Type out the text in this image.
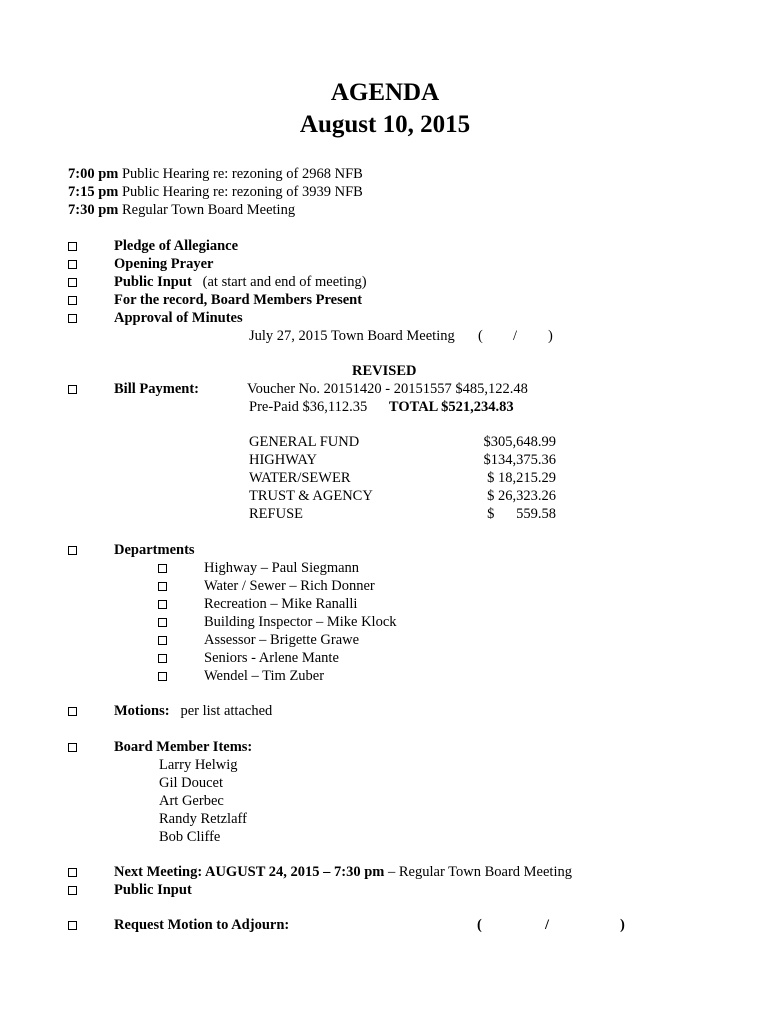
AGENDA
August 10, 2015
7:00 pm Public Hearing re: rezoning of 2968 NFB
7:15 pm Public Hearing re: rezoning of 3939 NFB
7:30 pm Regular Town Board Meeting
Pledge of Allegiance
Opening Prayer
Public Input (at start and end of meeting)
For the record, Board Members Present
Approval of Minutes
July 27, 2015 Town Board Meeting ( / )
REVISED
Bill Payment:	Voucher No. 20151420 - 20151557 $485,122.48
Pre-Paid $36,112.35 TOTAL $521,234.83
GENERAL FUND	$305,648.99
HIGHWAY	$134,375.36
WATER/SEWER	$ 18,215.29
TRUST & AGENCY	$ 26,323.26
REFUSE	$      559.58
Departments
Highway – Paul Siegmann
Water / Sewer – Rich Donner
Recreation – Mike Ranalli
Building Inspector – Mike Klock
Assessor – Brigette Grawe
Seniors - Arlene Mante
Wendel – Tim Zuber
Motions: per list attached
Board Member Items:
Larry Helwig
Gil Doucet
Art Gerbec
Randy Retzlaff
Bob Cliffe
Next Meeting: AUGUST 24, 2015 – 7:30 pm – Regular Town Board Meeting
Public Input
Request Motion to Adjourn:	(	/	)
